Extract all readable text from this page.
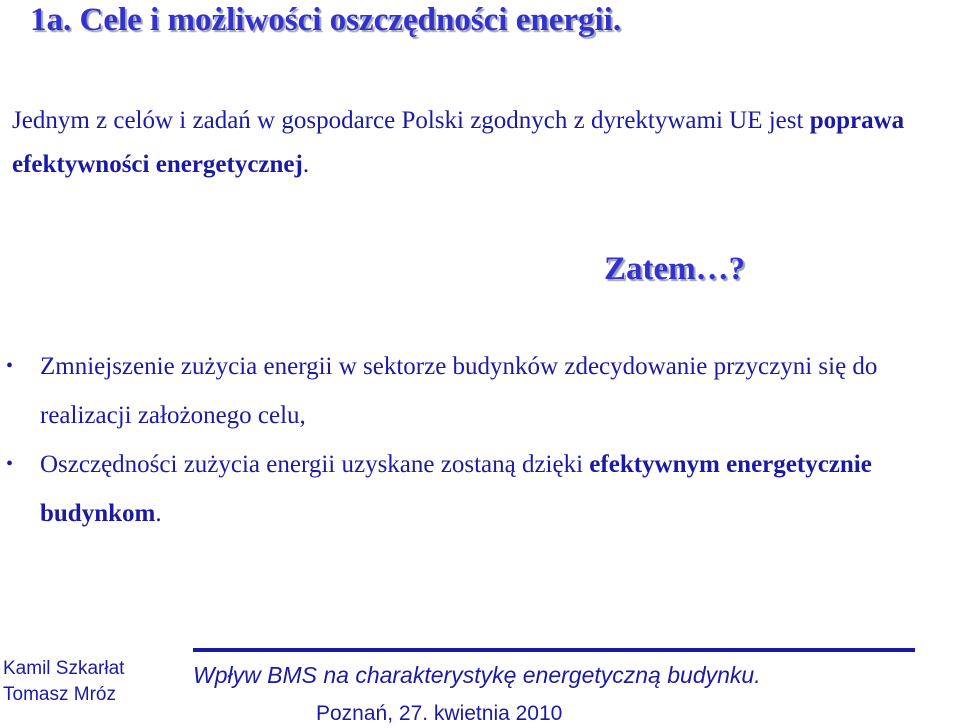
1a. Cele i możliwości oszczędności energii.

Jednym z celów i zadań w gospodarce Polski zgodnych z dyrektywami UE jest poprawa efektywności energetycznej.

Zatem…?

• Zmniejszenie zużycia energii w sektorze budynków zdecydowanie przyczyni się do realizacji założonego celu,
• Oszczędności zużycia energii uzyskane zostaną dzięki efektywnym energetycznie budynkom.
Kamil Szkarłat
Tomasz Mróz
Wpływ BMS na charakterystykę energetyczną budynku.
Poznań, 27. kwietnia 2010
